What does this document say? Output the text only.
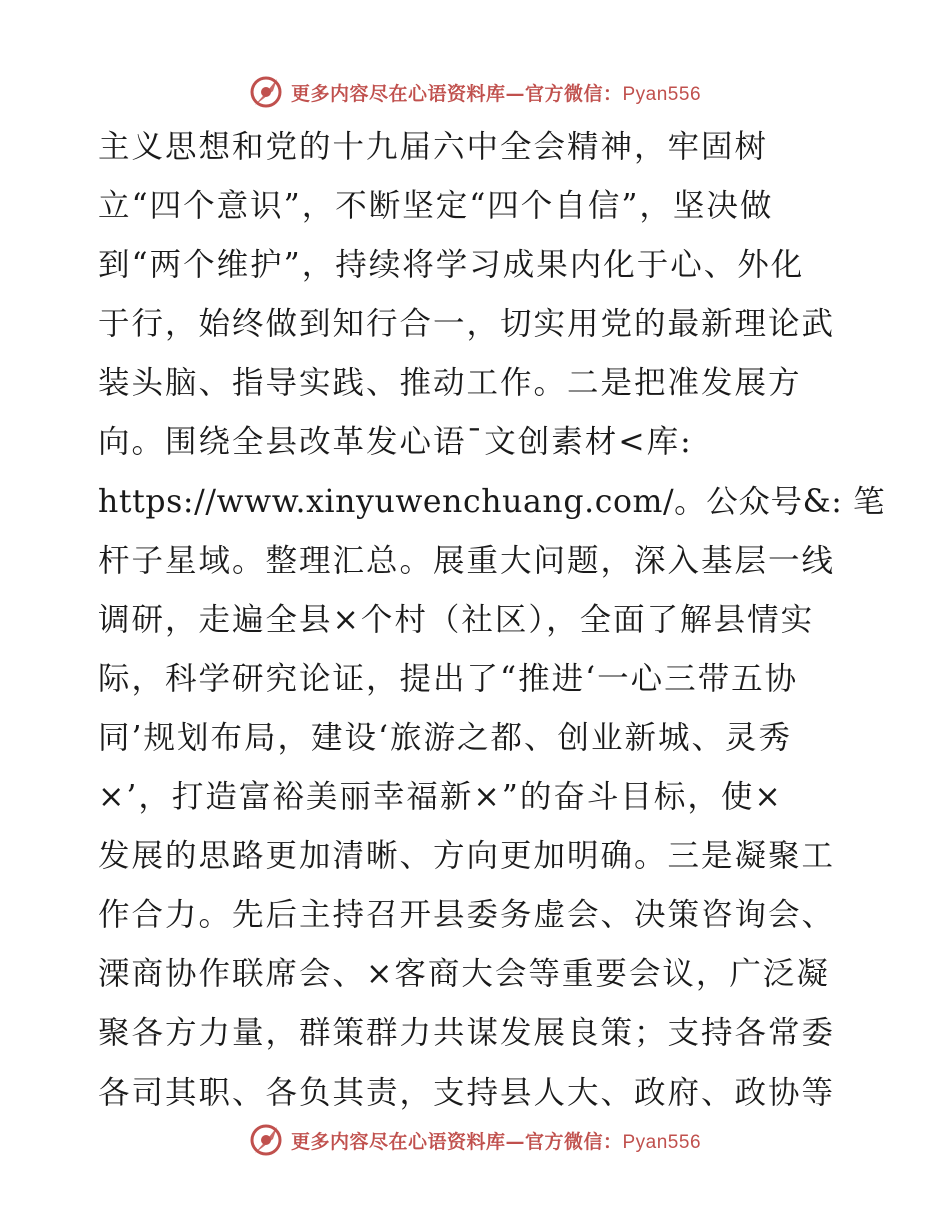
更多内容尽在心语资料库—官方微信：Pyan556
主义思想和党的十九届六中全会精神，牢固树
立“四个意识”，不断坚定“四个自信”，坚决做
到“两个维护”，持续将学习成果内化于心、外化
于行，始终做到知行合一，切实用党的最新理论武
装头脑、指导实践、推动工作。二是把准发展方
向。围绕全县改革发心语¯文创素材<库:
https://www.xinyuwenchuang.com/。公众号&: 笔
杆子星域。整理汇总。展重大问题，深入基层一线
调研，走遍全县×个村（社区），全面了解县情实
际，科学研究论证，提出了“推进‘一心三带五协
同’规划布局，建设‘旅游之都、创业新城、灵秀
×’，打造富裕美丽幸福新×”的奋斗目标，使×
发展的思路更加清晰、方向更加明确。三是凝聚工
作合力。先后主持召开县委务虚会、决策咨询会、
溧商协作联席会、×客商大会等重要会议，广泛凝
聚各方力量，群策群力共谋发展良策；支持各常委
各司其职、各负其责，支持县人大、政府、政协等
更多内容尽在心语资料库—官方微信：Pyan556
